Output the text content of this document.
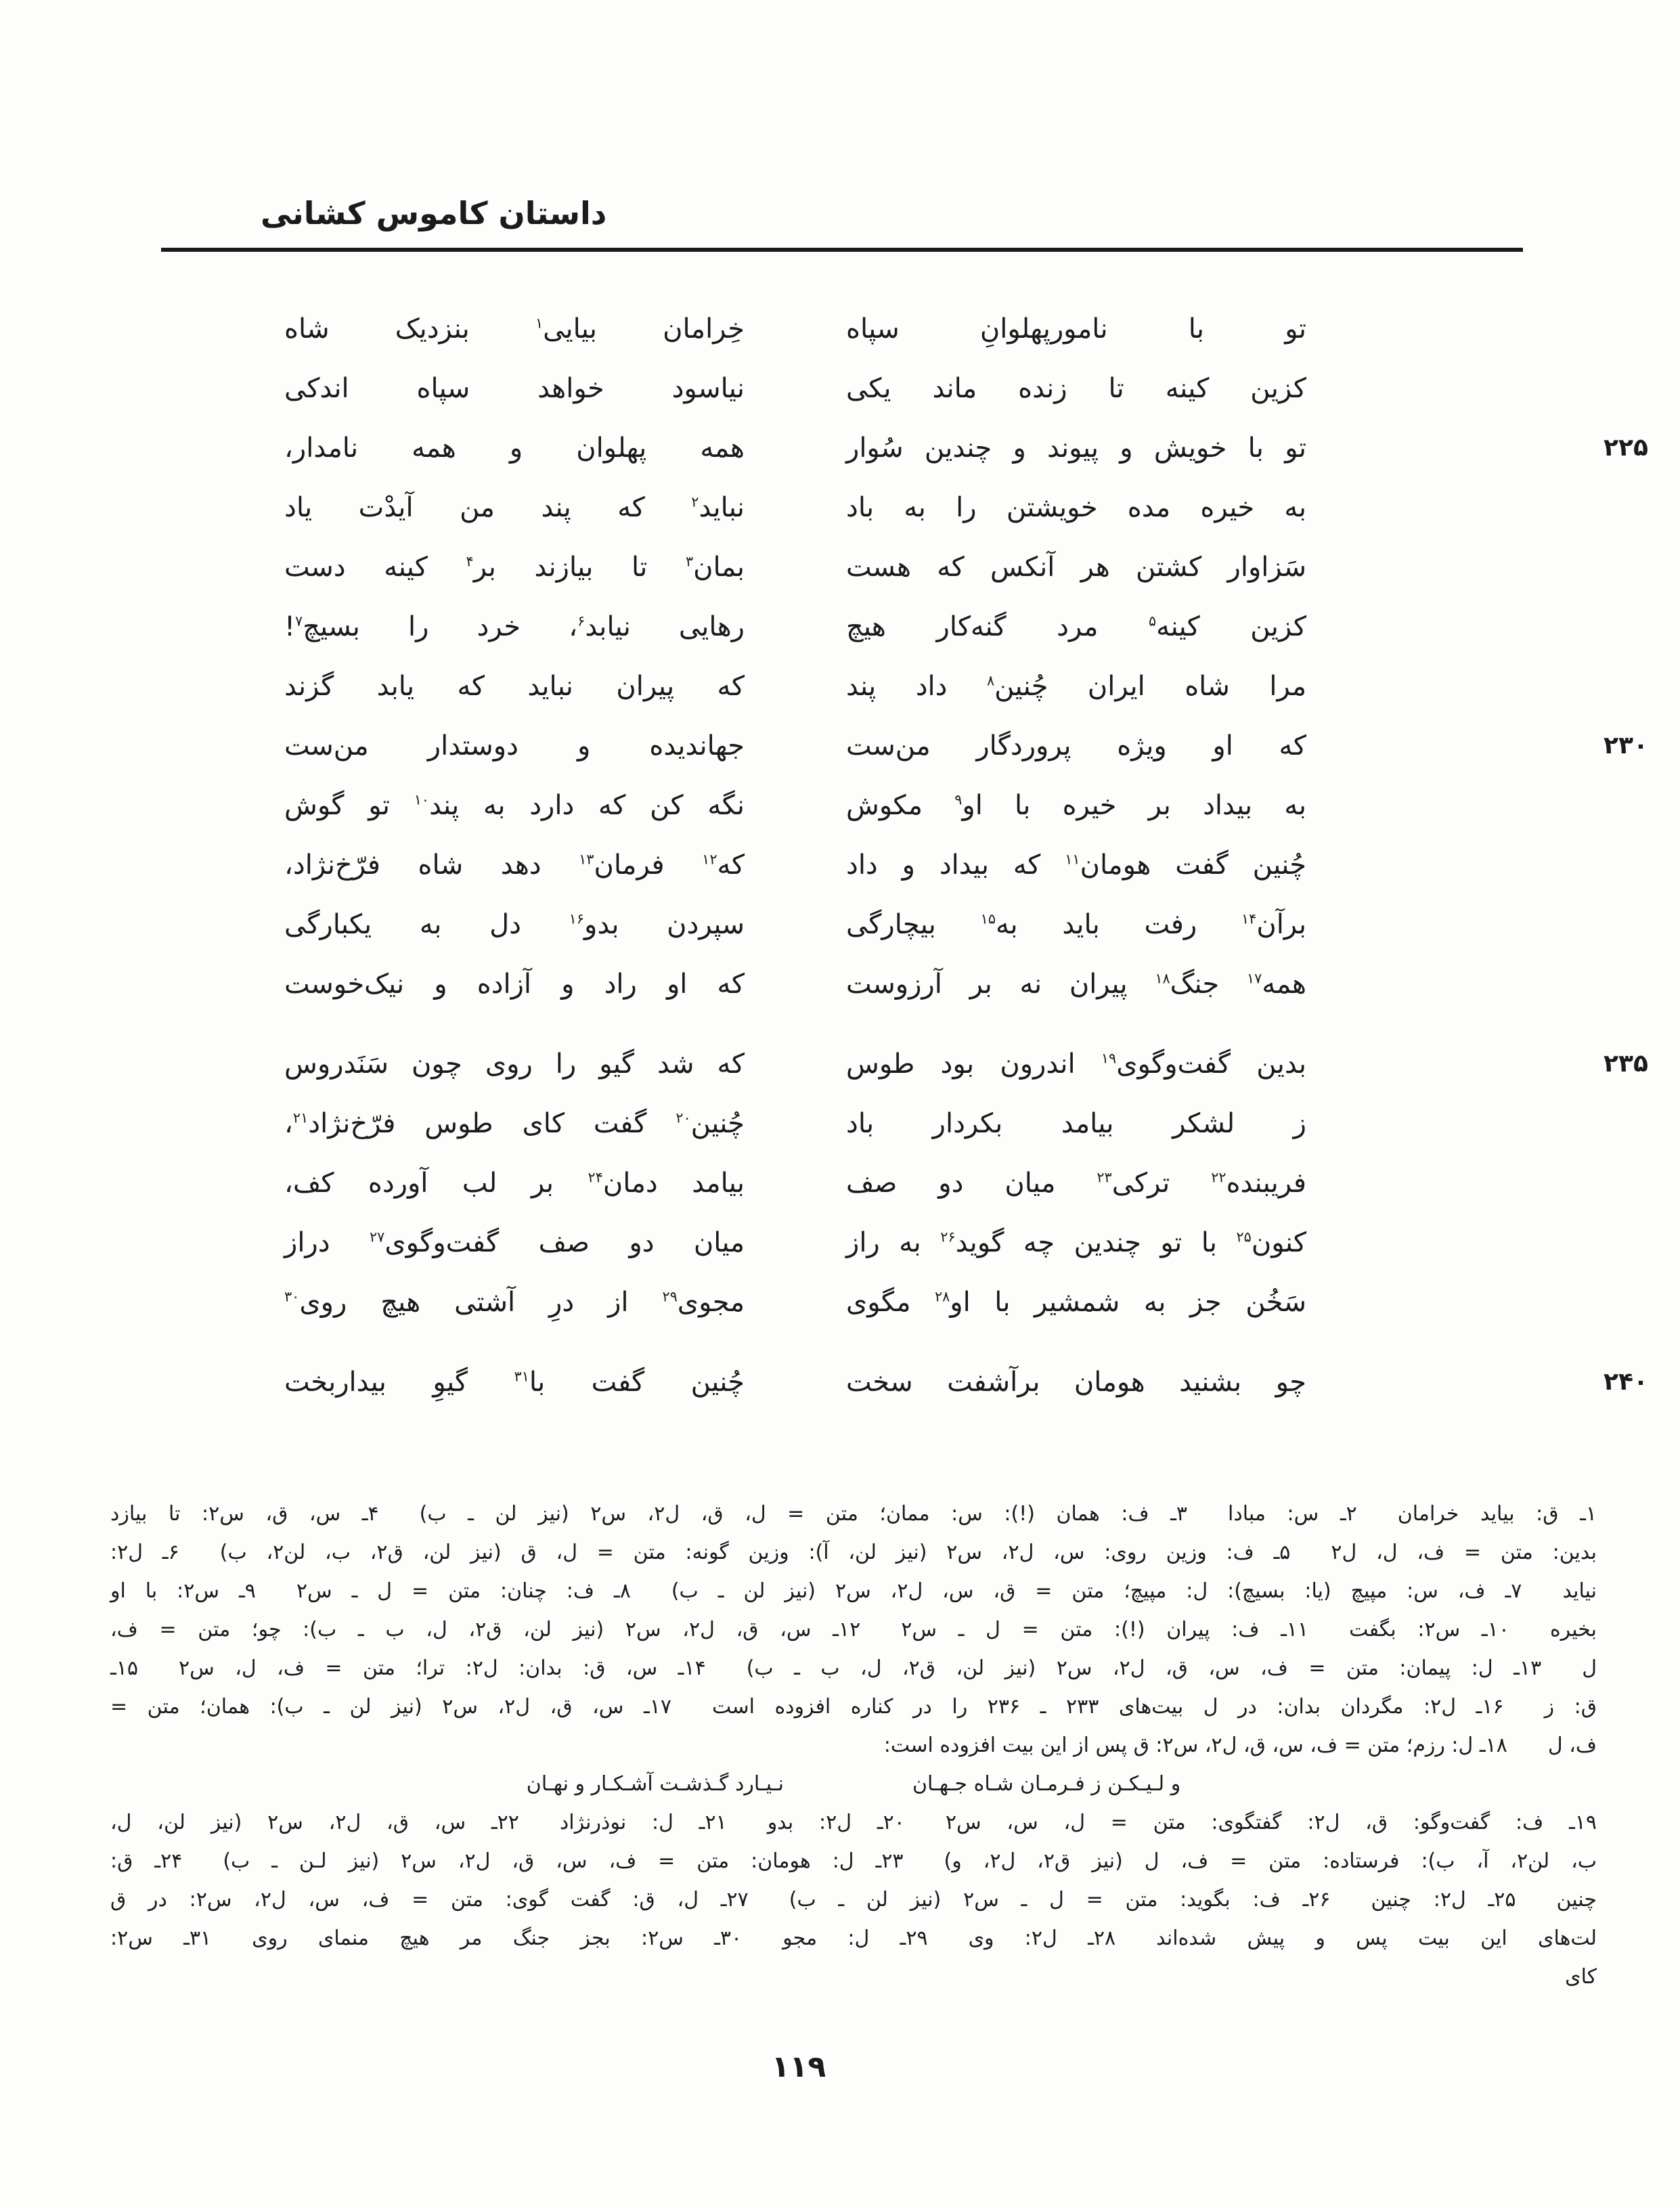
داستان کاموس کشانی
تو با نامورپهلوانِ سپاه
خِرامان بیایی$^۱$ بنزدیک شاه
کزین کینه تا زنده ماند یکی
نیاسود خواهد سپاه اندکی
۲۲۵
تو با خویش و پیوند و چندین سُوار
همه پهلوان و همه نامدار،
به خیره مده خویشتن را به باد
نباید$^۲$ که پند من آیدْت یاد
سَزاوار کشتن هر آنکس که هست
بمان$^۳$ تا بیازند بر$^۴$ کینه دست
کزین کینه$^۵$ مرد گنه‌کار هیچ
رهایی نیابد$^۶$، خرد را بسیچ$^۷$!
مرا شاه ایران چُنین$^۸$ داد پند
که پیران نباید که یابد گزند
۲۳۰
که او ویژه پروردگار من‌ست
جهاندیده و دوستدار من‌ست
به بیداد بر خیره با او$^۹$ مکوش
نگه کن که دارد به پند$^{۱۰}$ تو گوش
چُنین گفت هومان$^{۱۱}$ که بیداد و داد
که$^{۱۲}$ فرمان$^{۱۳}$ دهد شاه فرّخ‌نژاد،
برآن$^{۱۴}$ رفت باید به$^{۱۵}$ بیچارگی
سپردن بدو$^{۱۶}$ دل به یکبارگی
همه$^{۱۷}$ جنگ$^{۱۸}$ پیران نه بر آرزوست
که او راد و آزاده و نیک‌خوست
۲۳۵
بدین گفت‌وگوی$^{۱۹}$ اندرون بود طوس
که شد گیو را روی چون سَنَدروس
ز لشکر بیامد بکردار باد
چُنین$^{۲۰}$ گفت کای طوس فرّخ‌نژاد$^{۲۱}$،
فریبنده$^{۲۲}$ ترکی$^{۲۳}$ میان دو صف
بیامد دمان$^{۲۴}$ بر لب آورده کف،
کنون$^{۲۵}$ با تو چندین چه گوید$^{۲۶}$ به راز
میان دو صف گفت‌وگوی$^{۲۷}$ دراز
سَخُن جز به شمشیر با او$^{۲۸}$ مگوی
مجوی$^{۲۹}$ از درِ آشتی هیچ روی$^{۳۰}$
۲۴۰
چو بشنید هومان برآشفت سخت
چُنین گفت با$^{۳۱}$ گیوِ بیداربخت
۱ـ ق: بیاید خرامان  ۲ـ س: مبادا  ۳ـ ف: همان (!): س: ممان؛ متن = ل، ق، ل۲، س۲ (نیز لن ـ ب)  ۴ـ س، ق، س۲: تا بیازد
بدین: متن = ف، ل، ل۲  ۵ـ ف: وزین روی: س، ل۲، س۲ (نیز لن، آ): وزین گونه: متن = ل، ق (نیز لن، ق۲، ب، لن۲، ب)  ۶ـ ل۲:
نیاید  ۷ـ ف، س: مپیچ (یا: بسیچ): ل: مپیچ؛ متن = ق، س، ل۲، س۲ (نیز لن ـ ب)  ۸ـ ف: چنان: متن = ل ـ س۲  ۹ـ س۲: با او
بخیره  ۱۰ـ س۲: بگفت  ۱۱ـ ف: پیران (!): متن = ل ـ س۲  ۱۲ـ س، ق، ل۲، س۲ (نیز لن، ق۲، ل، ب ـ ب): چو؛ متن = ف،
ل  ۱۳ـ ل: پیمان: متن = ف، س، ق، ل۲، س۲ (نیز لن، ق۲، ل، ب ـ ب)  ۱۴ـ س، ق: بدان: ل۲: ترا؛ متن = ف، ل، س۲  ۱۵ـ
ق: ز  ۱۶ـ ل۲: مگردان بدان: در ل بیت‌های ۲۳۳ ـ ۲۳۶ را در کناره افزوده است  ۱۷ـ س، ق، ل۲، س۲ (نیز لن ـ ب): همان؛ متن =
ف، ل  ۱۸ـ ل: رزم؛ متن = ف، س، ق، ل۲، س۲: ق پس از این بیت افزوده است:
و لـیـکـن ز فـرمـان شـاه جـهـان
نـیـارد گـذشـت آشـکـار و نهـان
۱۹ـ ف: گفت‌وگو: ق، ل۲: گفتگوی: متن = ل، س، س۲  ۲۰ـ ل۲: بدو  ۲۱ـ ل: نوذرنژاد  ۲۲ـ س، ق، ل۲، س۲ (نیز لن، ل،
ب، لن۲، آ، ب): فرستاده: متن = ف، ل (نیز ق۲، ل۲، و)  ۲۳ـ ل: هومان: متن = ف، س، ق، ل۲، س۲ (نیز لـن ـ ب)  ۲۴ـ ق:
چنین  ۲۵ـ ل۲: چنین  ۲۶ـ ف: بگوید: متن = ل ـ س۲ (نیز لن ـ ب)  ۲۷ـ ل، ق: گفت گوی: متن = ف، س، ل۲، س۲: در ق
لت‌های این بیت پس و پیش شده‌اند  ۲۸ـ ل۲: وی  ۲۹ـ ل: مجو  ۳۰ـ س۲: بجز جنگ مر هیچ منمای روی  ۳۱ـ س۲:
کای
۱۱۹
